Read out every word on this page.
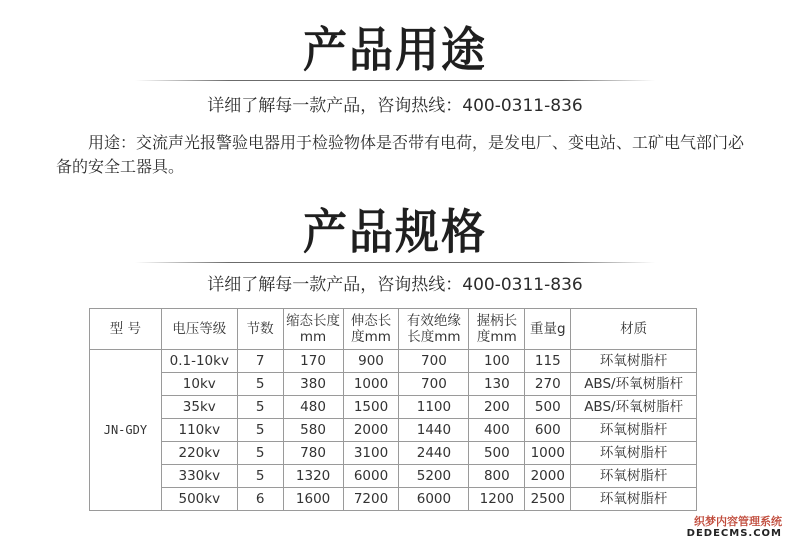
产品用途
详细了解每一款产品，咨询热线：400-0311-836
用途：交流声光报警验电器用于检验物体是否带有电荷，是发电厂、变电站、工矿电气部门必备的安全工器具。
产品规格
详细了解每一款产品，咨询热线：400-0311-836
型 号	电压等级	节数	缩态长度mm	伸态长度mm	有效绝缘长度mm	握柄长度mm	重量g	材质
JN-GDY	0.1-10kv	7	170	900	700	100	115	环氧树脂杆
	10kv	5	380	1000	700	130	270	ABS/环氧树脂杆
	35kv	5	480	1500	1100	200	500	ABS/环氧树脂杆
	110kv	5	580	2000	1440	400	600	环氧树脂杆
	220kv	5	780	3100	2440	500	1000	环氧树脂杆
	330kv	5	1320	6000	5200	800	2000	环氧树脂杆
	500kv	6	1600	7200	6000	1200	2500	环氧树脂杆
织梦内容管理系统
DEDECMS.COM
